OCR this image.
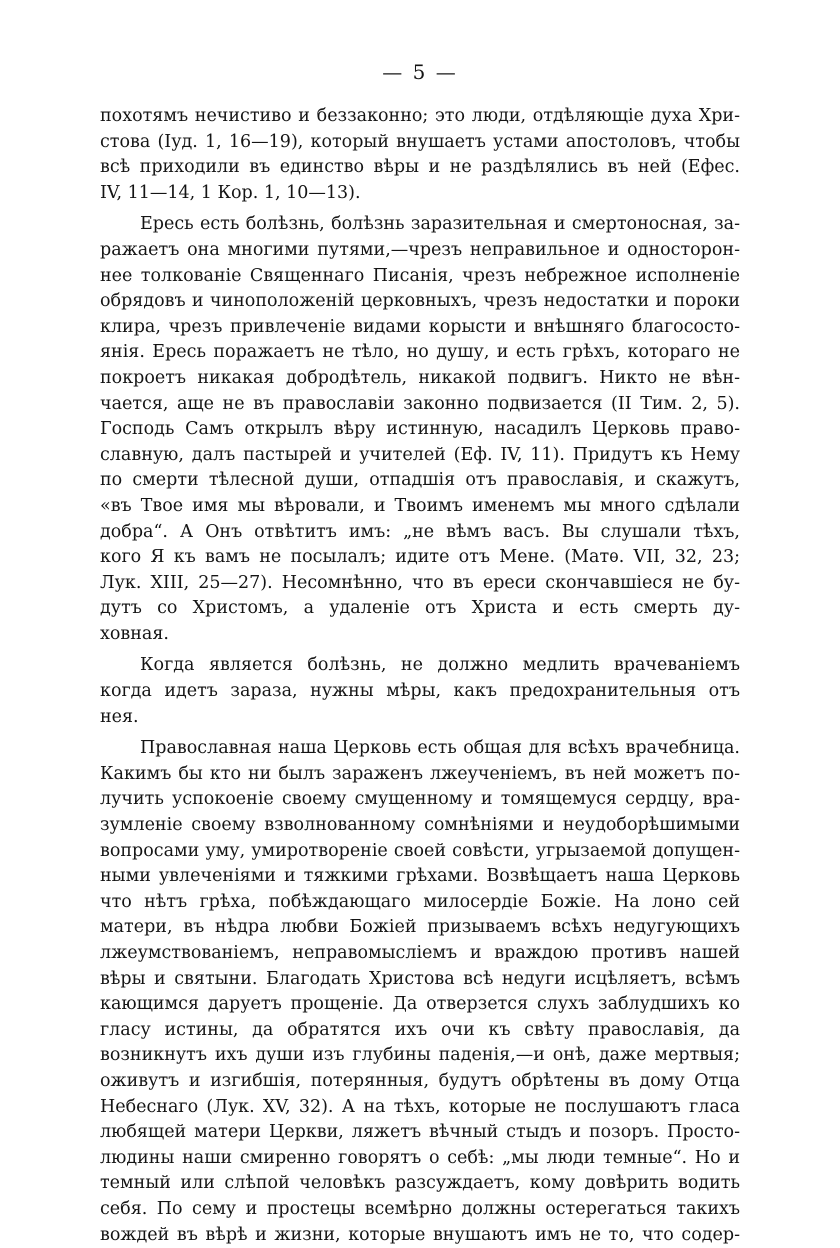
— 5 —
похотямъ нечистиво и беззаконно; это люди, отдѣляющіе духа Хри-
стова (Iуд. 1, 16—19), который внушаетъ устами апостоловъ, чтобы
всѣ приходили въ единство вѣры и не раздѣлялись въ ней (Ефес.
IV, 11—14, 1 Кор. 1, 10—13).
Ересь есть болѣзнь, болѣзнь заразительная и смертоносная, за-
ражаетъ она многими путями,—чрезъ неправильное и односторон-
нее толкованіе Священнаго Писанія, чрезъ небрежное исполненіе
обрядовъ и чиноположеній церковныхъ, чрезъ недостатки и пороки
клира, чрезъ привлеченіе видами корысти и внѣшняго благососто-
янія. Ересь поражаетъ не тѣло, но душу, и есть грѣхъ, котораго не
покроетъ никакая добродѣтель, никакой подвигъ. Никто не вѣн-
чается, аще не въ православіи законно подвизается (II Тим. 2, 5).
Господь Самъ открылъ вѣру истинную, насадилъ Церковь право-
славную, далъ пастырей и учителей (Еф. IV, 11). Придутъ къ Нему
по смерти тѣлесной души, отпадшія отъ православія, и скажутъ,
«въ Твое имя мы вѣровали, и Твоимъ именемъ мы много сдѣлали
добра“. А Онъ отвѣтитъ имъ: „не вѣмъ васъ. Вы слушали тѣхъ,
кого Я къ вамъ не посылалъ; идите отъ Мене. (Матѳ. VII, 32, 23;
Лук. XIII, 25—27). Несомнѣнно, что въ ереси скончавшіеся не бу-
дутъ со Христомъ, а удаленіе отъ Христа и есть смерть ду-
ховная.
Когда является болѣзнь, не должно медлить врачеваніемъ
когда идетъ зараза, нужны мѣры, какъ предохранительныя отъ
нея.
Православная наша Церковь есть общая для всѣхъ врачебница.
Какимъ бы кто ни былъ зараженъ лжеученіемъ, въ ней можетъ по-
лучить успокоеніе своему смущенному и томящемуся сердцу, вра-
зумленіе своему взволнованному сомнѣніями и неудоборѣшимыми
вопросами уму, умиротвореніе своей совѣсти, угрызаемой допущен-
ными увлеченіями и тяжкими грѣхами. Возвѣщаетъ наша Церковь
что нѣтъ грѣха, побѣждающаго милосердіе Божіе. На лоно сей
матери, въ нѣдра любви Божіей призываемъ всѣхъ недугующихъ
лжеумствованіемъ, неправомысліемъ и враждою противъ нашей
вѣры и святыни. Благодать Христова всѣ недуги исцѣляетъ, всѣмъ
кающимся даруетъ прощеніе. Да отверзется слухъ заблудшихъ ко
гласу истины, да обратятся ихъ очи къ свѣту православія, да
возникнутъ ихъ души изъ глубины паденія,—и онѣ, даже мертвыя;
оживутъ и изгибшія, потерянныя, будутъ обрѣтены въ дому Отца
Небеснаго (Лук. XV, 32). А на тѣхъ, которые не послушаютъ гласа
любящей матери Церкви, ляжетъ вѣчный стыдъ и позоръ. Просто-
людины наши смиренно говорятъ о себѣ: „мы люди темные“. Но и
темный или слѣпой человѣкъ разсуждаетъ, кому довѣрить водить
себя. По сему и простецы всемѣрно должны остерегаться такихъ
вождей въ вѣрѣ и жизни, которые внушаютъ имъ не то, что содер-
